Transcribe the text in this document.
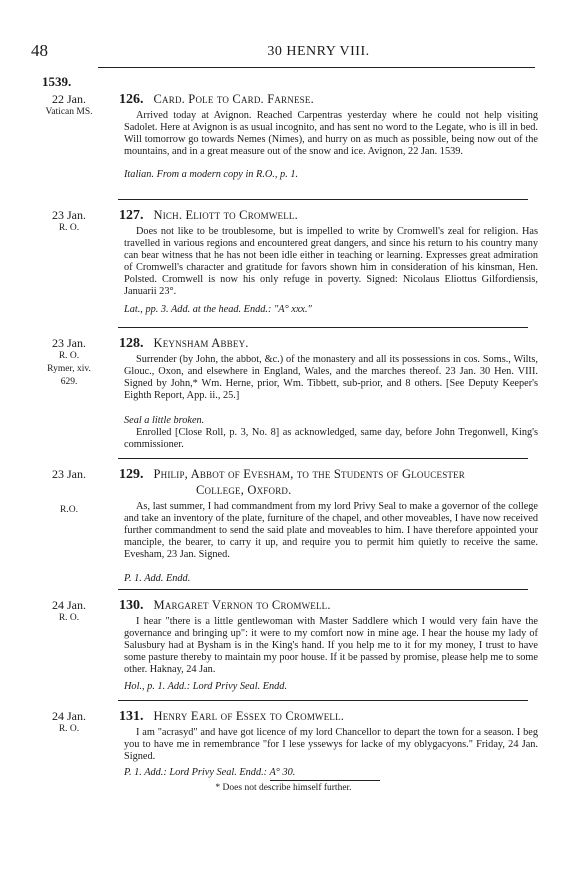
48	30 HENRY VIII.
1539.
22 Jan.
Vatican MS.
126. Card. Pole to Card. Farnese.

Arrived today at Avignon. Reached Carpentras yesterday where he could not help visiting Sadolet. Here at Avignon is as usual incognito, and has sent no word to the Legate, who is ill in bed. Will tomorrow go towards Nemes (Nimes), and hurry on as much as possible, being now out of the mountains, and in a great measure out of the snow and ice. Avignon, 22 Jan. 1539.

Italian. From a modern copy in R.O., p. 1.
23 Jan.
R. O.
127. Nich. Eliott to Cromwell.

Does not like to be troublesome, but is impelled to write by Cromwell's zeal for religion. Has travelled in various regions and encountered great dangers, and since his return to his country many can bear witness that he has not been idle either in teaching or learning. Expresses great admiration of Cromwell's character and gratitude for favors shown him in consideration of his kinsman, Hen. Polsted. Cromwell is now his only refuge in poverty. Signed: Nicolaus Eliottus Gilfordiensis, Januarii 23°.

Lat., pp. 3. Add. at the head. Endd.: "A° xxx."
23 Jan.
R. O.
Rymer, xiv. 629.
128. Keynsham Abbey.

Surrender (by John, the abbot, &c.) of the monastery and all its possessions in cos. Soms., Wilts, Glouc., Oxon, and elsewhere in England, Wales, and the marches thereof. 23 Jan. 30 Hen. VIII. Signed by John,* Wm. Herne, prior, Wm. Tibbett, sub-prior, and 8 others. [See Deputy Keeper's Eighth Report, App. ii., 25.]

Seal a little broken.

Enrolled [Close Roll, p. 3, No. 8] as acknowledged, same day, before John Tregonwell, King's commissioner.

23 Jan.
R.O.
129. Philip, Abbot of Evesham, to the Students of Gloucester
College, Oxford.

As, last summer, I had commandment from my lord Privy Seal to make a governor of the college and take an inventory of the plate, furniture of the chapel, and other moveables, I have now received further commandment to send the said plate and moveables to him. I have therefore appointed your manciple, the bearer, to carry it up, and require you to permit him quietly to receive the same. Evesham, 23 Jan. Signed.

P. 1. Add. Endd.
24 Jan.
R. O.
130. Margaret Vernon to Cromwell.

I hear "there is a little gentlewoman with Master Saddlere which I would very fain have the governance and bringing up": it were to my comfort now in mine age. I hear the house my lady of Salusbury had at Bysham is in the King's hand. If you help me to it for my money, I trust to have some pasture thereby to maintain my poor house. If it be passed by promise, please help me to some other. Haknay, 24 Jan.

Hol., p. 1. Add.: Lord Privy Seal. Endd.
24 Jan.
R. O.
131. Henry Earl of Essex to Cromwell.

I am "acrasyd" and have got licence of my lord Chancellor to depart the town for a season. I beg you to have me in remembrance "for I lese yssewys for lacke of my oblygacyons." Friday, 24 Jan. Signed.

P. 1. Add.: Lord Privy Seal. Endd.: A° 30.
* Does not describe himself further.
